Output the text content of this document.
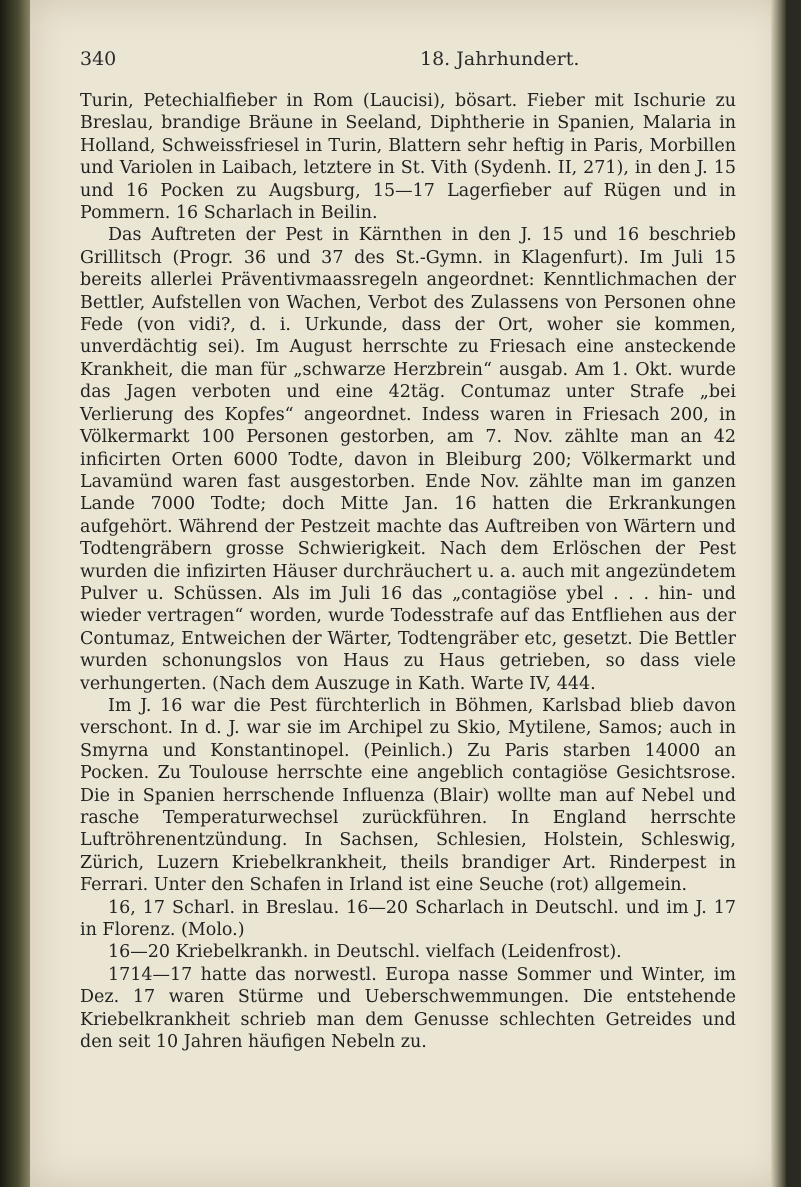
340	18. Jahrhundert.

Turin, Petechialfieber in Rom (Laucisi), bösart. Fieber mit Ischurie zu Breslau, brandige Bräune in Seeland, Diphtherie in Spanien, Malaria in Holland, Schweissfriesel in Turin, Blattern sehr heftig in Paris, Morbillen und Variolen in Laibach, letztere in St. Vith (Sydenh. II, 271), in den J. 15 und 16 Pocken zu Augsburg, 15—17 Lagerfieber auf Rügen und in Pommern. 16 Scharlach in Beilin.

Das Auftreten der Pest in Kärnthen in den J. 15 und 16 beschrieb Grillitsch (Progr. 36 und 37 des St.-Gymn. in Klagenfurt). Im Juli 15 bereits allerlei Präventivmaassregeln angeordnet: Kenntlichmachen der Bettler, Aufstellen von Wachen, Verbot des Zulassens von Personen ohne Fede (von vidi?, d. i. Urkunde, dass der Ort, woher sie kommen, unverdächtig sei). Im August herrschte zu Friesach eine ansteckende Krankheit, die man für „schwarze Herzbrein“ ausgab. Am 1. Okt. wurde das Jagen verboten und eine 42täg. Contumaz unter Strafe „bei Verlierung des Kopfes“ angeordnet. Indess waren in Friesach 200, in Völkermarkt 100 Personen gestorben, am 7. Nov. zählte man an 42 inficirten Orten 6000 Todte, davon in Bleiburg 200; Völkermarkt und Lavamünd waren fast ausgestorben. Ende Nov. zählte man im ganzen Lande 7000 Todte; doch Mitte Jan. 16 hatten die Erkrankungen aufgehört. Während der Pestzeit machte das Auftreiben von Wärtern und Todtengräbern grosse Schwierigkeit. Nach dem Erlöschen der Pest wurden die infizirten Häuser durchräuchert u. a. auch mit angezündetem Pulver u. Schüssen. Als im Juli 16 das „contagiöse ybel . . . hin- und wieder vertragen“ worden, wurde Todesstrafe auf das Entfliehen aus der Contumaz, Entweichen der Wärter, Todtengräber etc, gesetzt. Die Bettler wurden schonungslos von Haus zu Haus getrieben, so dass viele verhungerten. (Nach dem Auszuge in Kath. Warte IV, 444.

Im J. 16 war die Pest fürchterlich in Böhmen, Karlsbad blieb davon verschont. In d. J. war sie im Archipel zu Skio, Mytilene, Samos; auch in Smyrna und Konstantinopel. (Peinlich.) Zu Paris starben 14000 an Pocken. Zu Toulouse herrschte eine angeblich contagiöse Gesichtsrose. Die in Spanien herrschende Influenza (Blair) wollte man auf Nebel und rasche Temperaturwechsel zurückführen. In England herrschte Luftröhrenentzündung. In Sachsen, Schlesien, Holstein, Schleswig, Zürich, Luzern Kriebelkrankheit, theils brandiger Art. Rinderpest in Ferrari. Unter den Schafen in Irland ist eine Seuche (rot) allgemein.

16, 17 Scharl. in Breslau. 16—20 Scharlach in Deutschl. und im J. 17 in Florenz. (Molo.)

16—20 Kriebelkrankh. in Deutschl. vielfach (Leidenfrost).

1714—17 hatte das norwestl. Europa nasse Sommer und Winter, im Dez. 17 waren Stürme und Ueberschwemmungen. Die entstehende Kriebelkrankheit schrieb man dem Genusse schlechten Getreides und den seit 10 Jahren häufigen Nebeln zu.
